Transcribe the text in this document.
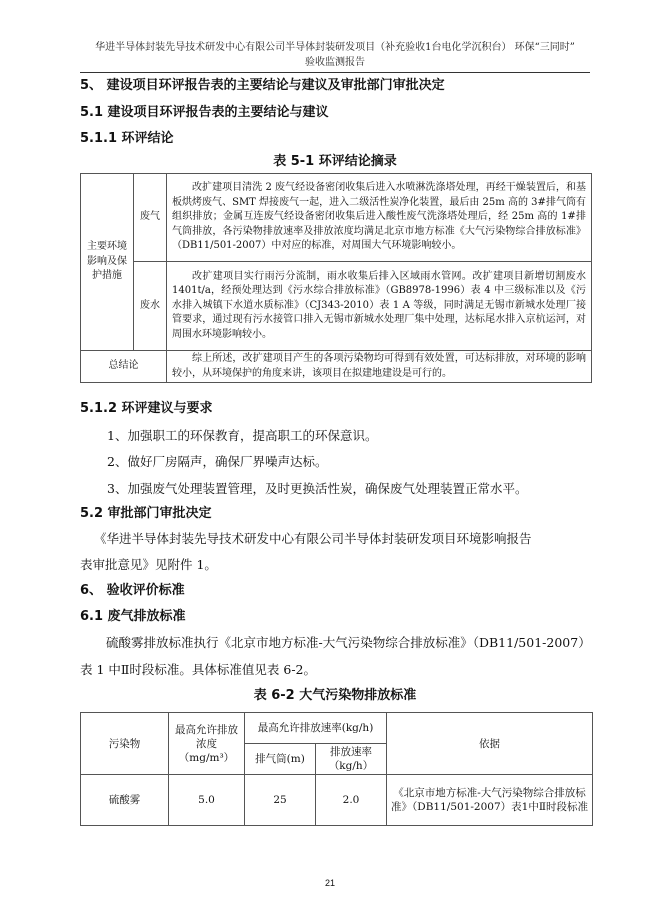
华进半导体封装先导技术研发中心有限公司半导体封装研发项目（补充验收1台电化学沉积台） 环保“三同时”
验收监测报告
5、 建设项目环评报告表的主要结论与建议及审批部门审批决定
5.1 建设项目环评报告表的主要结论与建议
5.1.1 环评结论
表 5-1 环评结论摘录
主要环境影响及保护措施	废气	改扩建项目清洗 2 废气经设备密闭收集后进入水喷淋洗涤塔处理，再经干燥装置后，和基板烘烤废气、SMT 焊接废气一起，进入二级活性炭净化装置，最后由 25m 高的 3#排气筒有组织排放；金属互连废气经设备密闭收集后进入酸性废气洗涤塔处理后，经 25m 高的 1#排气筒排放，各污染物排放速率及排放浓度均满足北京市地方标准《大气污染物综合排放标准》（DB11/501-2007）中对应的标准，对周围大气环境影响较小。

	废水	改扩建项目实行雨污分流制，雨水收集后排入区域雨水管网。改扩建项目新增切割废水 1401t/a，经预处理达到《污水综合排放标准》（GB8978-1996）表 4 中三级标准以及《污水排入城镇下水道水质标准》（CJ343-2010）表 1 A 等级，同时满足无锡市新城水处理厂接管要求，通过现有污水接管口排入无锡市新城水处理厂集中处理，达标尾水排入京杭运河，对周围水环境影响较小。

总结论		综上所述，改扩建项目产生的各项污染物均可得到有效处置，可达标排放，对环境的影响较小，从环境保护的角度来讲，该项目在拟建地建设是可行的。
5.1.2 环评建议与要求
1、加强职工的环保教育，提高职工的环保意识。
2、做好厂房隔声，确保厂界噪声达标。
3、加强废气处理装置管理，及时更换活性炭，确保废气处理装置正常水平。
5.2 审批部门审批决定
《华进半导体封装先导技术研发中心有限公司半导体封装研发项目环境影响报告
表审批意见》见附件 1。
6、 验收评价标准
6.1 废气排放标准
硫酸雾排放标准执行《北京市地方标准-大气污染物综合排放标准》（DB11/501-2007）
表 1 中Ⅱ时段标准。具体标准值见表 6-2。
表 6-2 大气污染物排放标准
污染物	最高允许排放浓度（mg/m³）	最高允许排放速率(kg/h)		依据
		排气筒(m)	排放速率（kg/h）	
硫酸雾	5.0	25	2.0	《北京市地方标准-大气污染物综合排放标准》（DB11/501-2007）表1中Ⅱ时段标准
21
